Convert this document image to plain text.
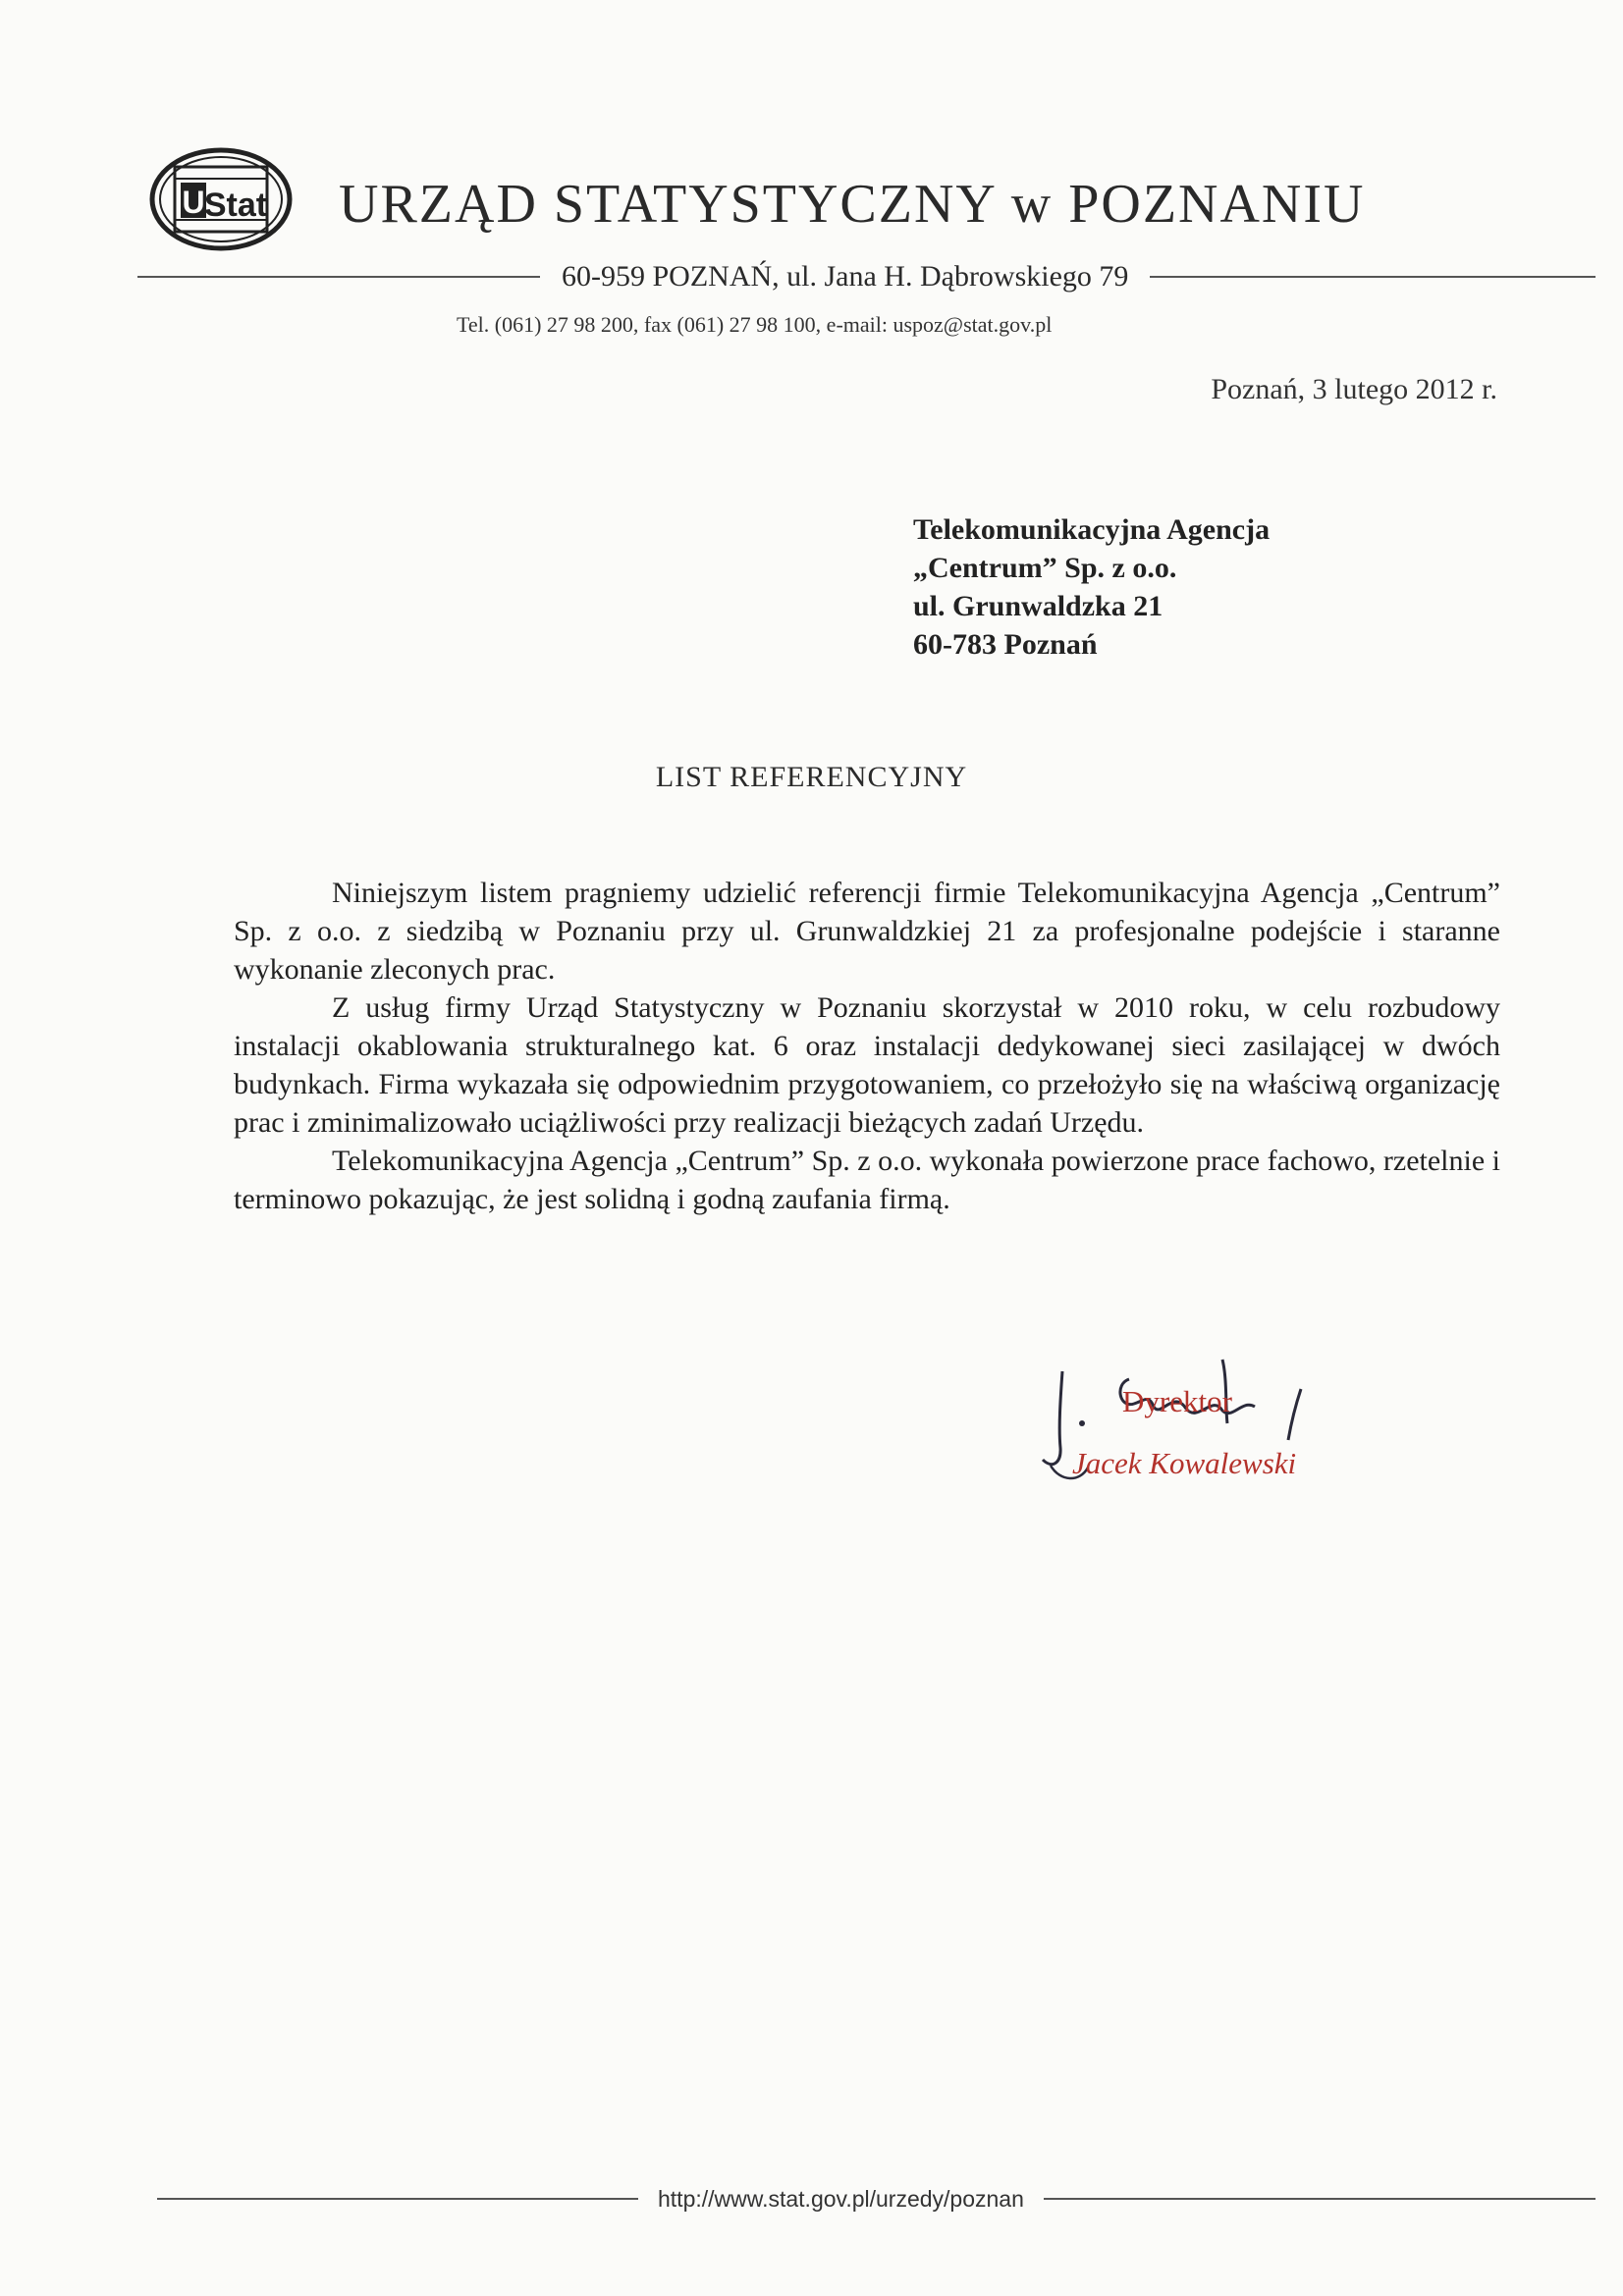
U Stat URZĄD STATYSTYCZNY w POZNANIU
60-959 POZNAŃ, ul. Jana H. Dąbrowskiego 79
Tel. (061) 27 98 200, fax (061) 27 98 100, e-mail: uspoz@stat.gov.pl
Poznań, 3 lutego 2012 r.
Telekomunikacyjna Agencja
„Centrum” Sp. z o.o.
ul. Grunwaldzka 21
60-783 Poznań
LIST REFERENCYJNY

Niniejszym listem pragniemy udzielić referencji firmie Telekomunikacyjna Agencja „Centrum” Sp. z o.o. z siedzibą w Poznaniu przy ul. Grunwaldzkiej 21 za profesjonalne podejście i staranne wykonanie zleconych prac.

Z usług firmy Urząd Statystyczny w Poznaniu skorzystał w 2010 roku, w celu rozbudowy instalacji okablowania strukturalnego kat. 6 oraz instalacji dedykowanej sieci zasilającej w dwóch budynkach. Firma wykazała się odpowiednim przygotowaniem, co przełożyło się na właściwą organizację prac i zminimalizowało uciążliwości przy realizacji bieżących zadań Urzędu.

Telekomunikacyjna Agencja „Centrum” Sp. z o.o. wykonała powierzone prace fachowo, rzetelnie i terminowo pokazując, że jest solidną i godną zaufania firmą.

Dyrektor
Jacek Kowalewski
http://www.stat.gov.pl/urzedy/poznan
